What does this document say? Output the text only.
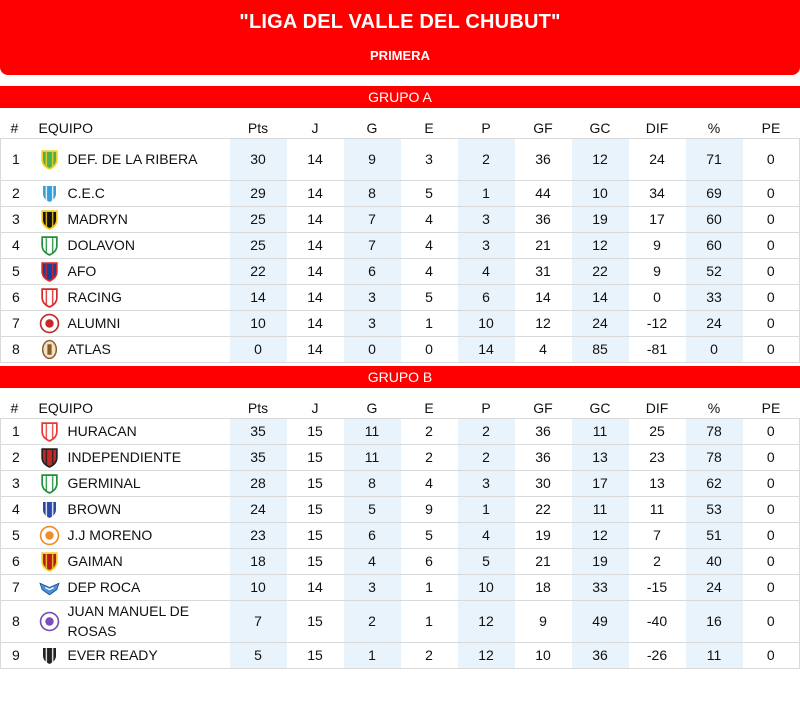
"LIGA DEL VALLE DEL CHUBUT"
PRIMERA
GRUPO A
#	EQUIPO	Pts	J	G	E	P	GF	GC	DIF	%	PE
1	DEF. DE LA RIBERA	30	14	9	3	2	36	12	24	71	0
2	C.E.C	29	14	8	5	1	44	10	34	69	0
3	MADRYN	25	14	7	4	3	36	19	17	60	0
4	DOLAVON	25	14	7	4	3	21	12	9	60	0
5	AFO	22	14	6	4	4	31	22	9	52	0
6	RACING	14	14	3	5	6	14	14	0	33	0
7	ALUMNI	10	14	3	1	10	12	24	-12	24	0
8	ATLAS	0	14	0	0	14	4	85	-81	0	0
GRUPO B
#	EQUIPO	Pts	J	G	E	P	GF	GC	DIF	%	PE
1	HURACAN	35	15	11	2	2	36	11	25	78	0
2	INDEPENDIENTE	35	15	11	2	2	36	13	23	78	0
3	GERMINAL	28	15	8	4	3	30	17	13	62	0
4	BROWN	24	15	5	9	1	22	11	11	53	0
5	J.J MORENO	23	15	6	5	4	19	12	7	51	0
6	GAIMAN	18	15	4	6	5	21	19	2	40	0
7	DEP ROCA	10	14	3	1	10	18	33	-15	24	0
8	JUAN MANUEL DE ROSAS	7	15	2	1	12	9	49	-40	16	0
9	EVER READY	5	15	1	2	12	10	36	-26	11	0
